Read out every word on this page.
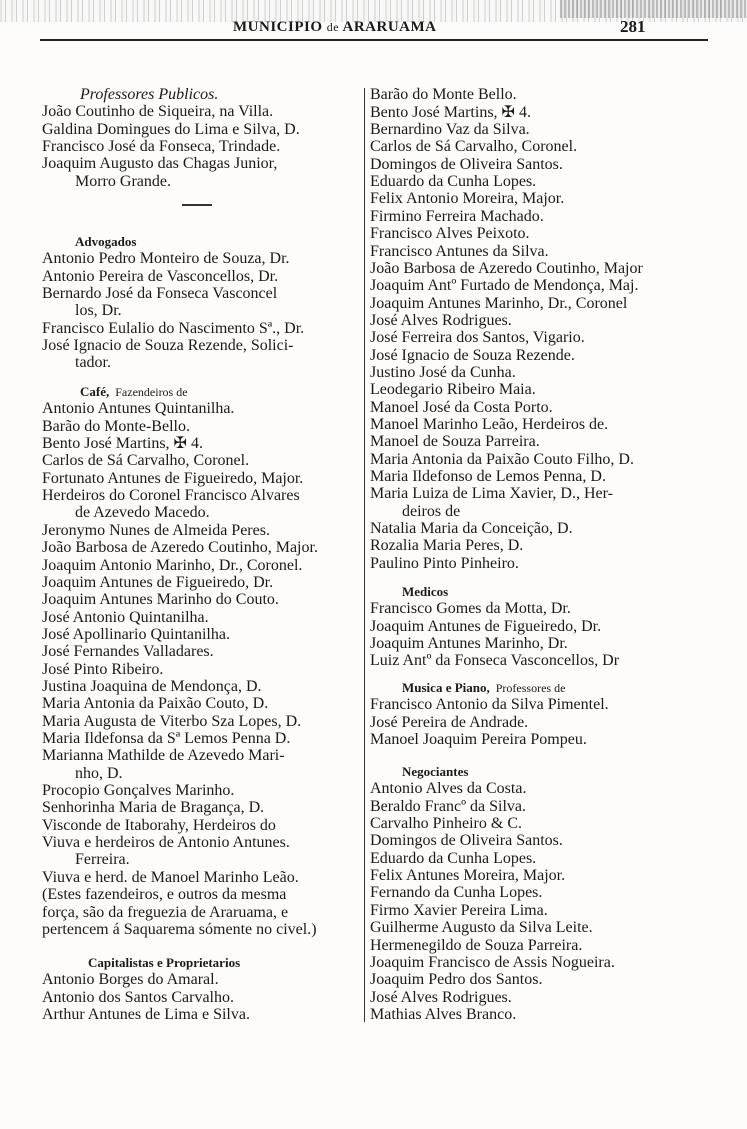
MUNICIPIO de ARARUAMA	281
Professores Publicos.
João Coutinho de Siqueira, na Villa.
Galdina Domingues do Lima e Silva, D.
Francisco José da Fonseca, Trindade.
Joaquim Augusto das Chagas Junior,
Morro Grande.
Advogados
Antonio Pedro Monteiro de Souza, Dr.
Antonio Pereira de Vasconcellos, Dr.
Bernardo José da Fonseca Vasconcel
los, Dr.
Francisco Eulalio do Nascimento Sª., Dr.
José Ignacio de Souza Rezende, Solici-
tador.
Café, Fazendeiros de
Antonio Antunes Quintanilha.
Barão do Monte-Bello.
Bento José Martins, ✠ 4.
Carlos de Sá Carvalho, Coronel.
Fortunato Antunes de Figueiredo, Major.
Herdeiros do Coronel Francisco Alvares
de Azevedo Macedo.
Jeronymo Nunes de Almeida Peres.
João Barbosa de Azeredo Coutinho, Major.
Joaquim Antonio Marinho, Dr., Coronel.
Joaquim Antunes de Figueiredo, Dr.
Joaquim Antunes Marinho do Couto.
José Antonio Quintanilha.
José Apollinario Quintanilha.
José Fernandes Valladares.
José Pinto Ribeiro.
Justina Joaquina de Mendonça, D.
Maria Antonia da Paixão Couto, D.
Maria Augusta de Viterbo Sza Lopes, D.
Maria Ildefonsa da Sª Lemos Penna D.
Marianna Mathilde de Azevedo Mari-
nho, D.
Procopio Gonçalves Marinho.
Senhorinha Maria de Bragança, D.
Visconde de Itaborahy, Herdeiros do
Viuva e herdeiros de Antonio Antunes.
Ferreira.
Viuva e herd. de Manoel Marinho Leão.
(Estes fazendeiros, e outros da mesma
força, são da freguezia de Araruama, e
pertencem á Saquarema sómente no civel.)
Capitalistas e Proprietarios
Antonio Borges do Amaral.
Antonio dos Santos Carvalho.
Arthur Antunes de Lima e Silva.
Barão do Monte Bello.
Bento José Martins, ✠ 4.
Bernardino Vaz da Silva.
Carlos de Sá Carvalho, Coronel.
Domingos de Oliveira Santos.
Eduardo da Cunha Lopes.
Felix Antonio Moreira, Major.
Firmino Ferreira Machado.
Francisco Alves Peixoto.
Francisco Antunes da Silva.
João Barbosa de Azeredo Coutinho, Major
Joaquim Antº Furtado de Mendonça, Maj.
Joaquim Antunes Marinho, Dr., Coronel
José Alves Rodrigues.
José Ferreira dos Santos, Vigario.
José Ignacio de Souza Rezende.
Justino José da Cunha.
Leodegario Ribeiro Maia.
Manoel José da Costa Porto.
Manoel Marinho Leão, Herdeiros de.
Manoel de Souza Parreira.
Maria Antonia da Paixão Couto Filho, D.
Maria Ildefonso de Lemos Penna, D.
Maria Luiza de Lima Xavier, D., Her-
deiros de
Natalia Maria da Conceição, D.
Rozalia Maria Peres, D.
Paulino Pinto Pinheiro.
Medicos
Francisco Gomes da Motta, Dr.
Joaquim Antunes de Figueiredo, Dr.
Joaquim Antunes Marinho, Dr.
Luiz Antº da Fonseca Vasconcellos, Dr
Musica e Piano, Professores de
Francisco Antonio da Silva Pimentel.
José Pereira de Andrade.
Manoel Joaquim Pereira Pompeu.
Negociantes
Antonio Alves da Costa.
Beraldo Francº da Silva.
Carvalho Pinheiro & C.
Domingos de Oliveira Santos.
Eduardo da Cunha Lopes.
Felix Antunes Moreira, Major.
Fernando da Cunha Lopes.
Firmo Xavier Pereira Lima.
Guilherme Augusto da Silva Leite.
Hermenegildo de Souza Parreira.
Joaquim Francisco de Assis Nogueira.
Joaquim Pedro dos Santos.
José Alves Rodrigues.
Mathias Alves Branco.
